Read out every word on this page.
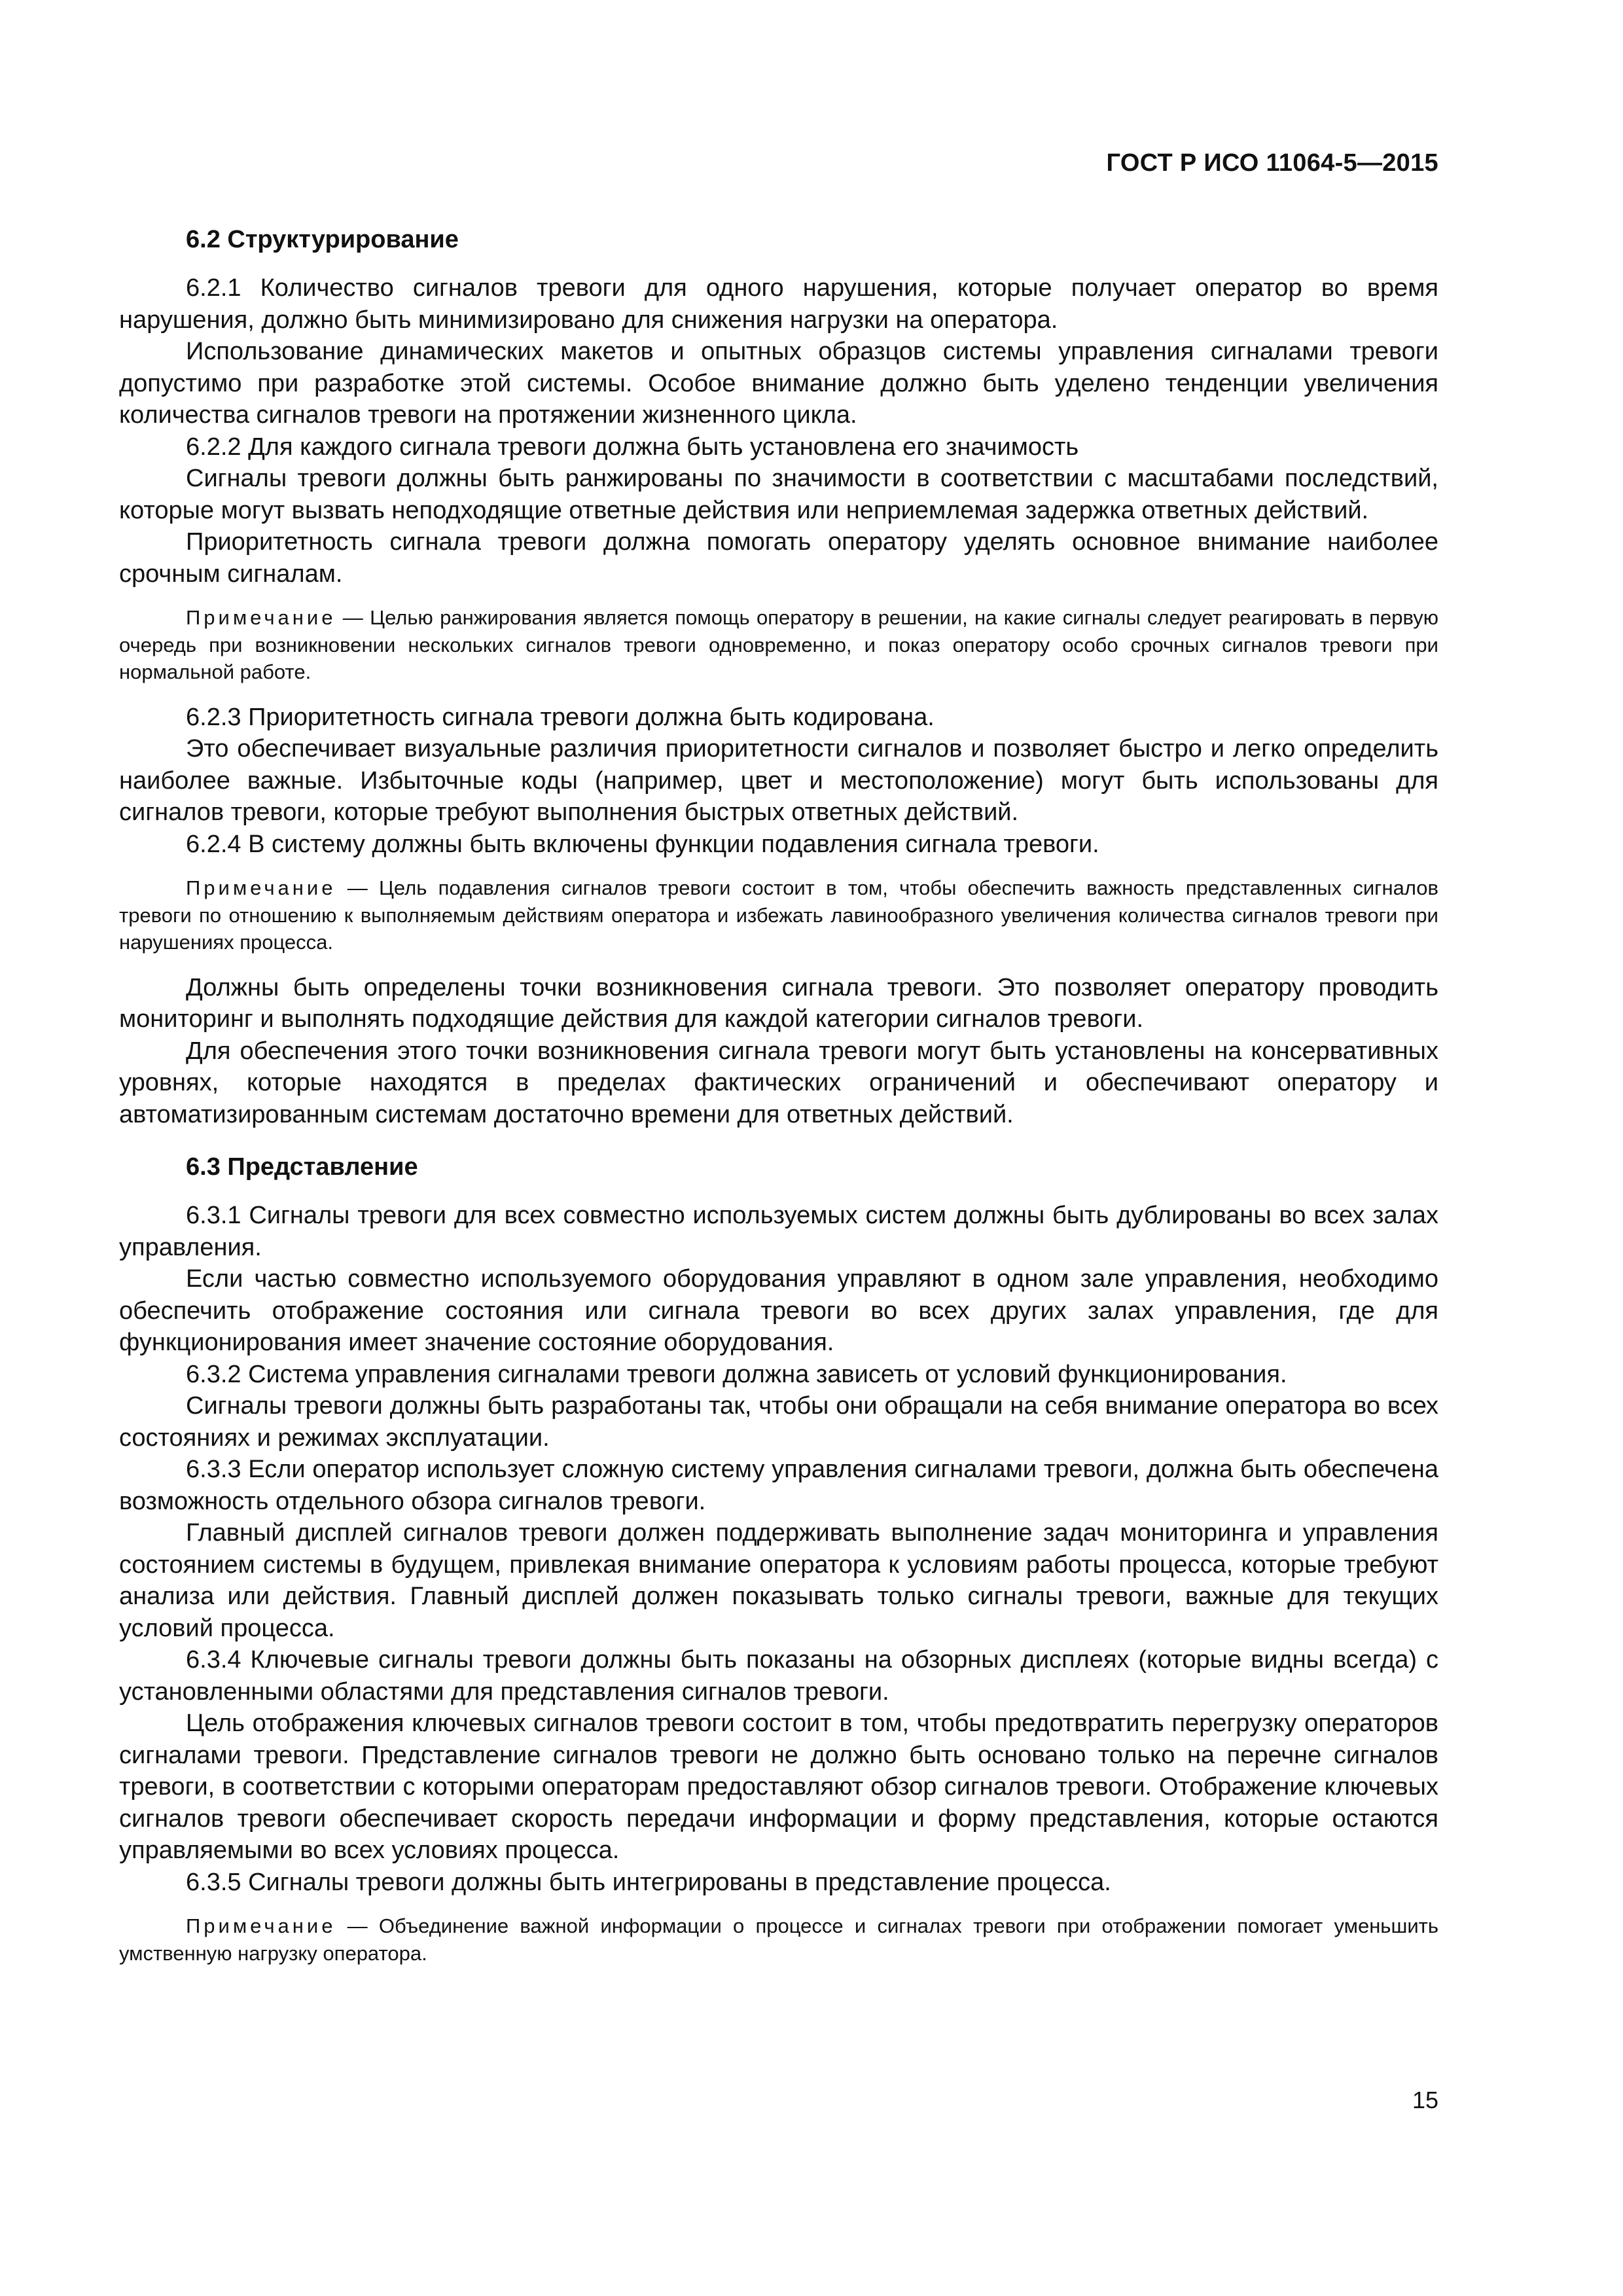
ГОСТ Р ИСО 11064-5—2015
6.2 Структурирование
6.2.1 Количество сигналов тревоги для одного нарушения, которые получает оператор во время нарушения, должно быть минимизировано для снижения нагрузки на оператора.
Использование динамических макетов и опытных образцов системы управления сигналами тревоги допустимо при разработке этой системы. Особое внимание должно быть уделено тенденции увеличения количества сигналов тревоги на протяжении жизненного цикла.
6.2.2 Для каждого сигнала тревоги должна быть установлена его значимость
Сигналы тревоги должны быть ранжированы по значимости в соответствии с масштабами последствий, которые могут вызвать неподходящие ответные действия или неприемлемая задержка ответных действий.
Приоритетность сигнала тревоги должна помогать оператору уделять основное внимание наиболее срочным сигналам.
Примечание — Целью ранжирования является помощь оператору в решении, на какие сигналы следует реагировать в первую очередь при возникновении нескольких сигналов тревоги одновременно, и показ оператору особо срочных сигналов тревоги при нормальной работе.
6.2.3 Приоритетность сигнала тревоги должна быть кодирована.
Это обеспечивает визуальные различия приоритетности сигналов и позволяет быстро и легко определить наиболее важные. Избыточные коды (например, цвет и местоположение) могут быть использованы для сигналов тревоги, которые требуют выполнения быстрых ответных действий.
6.2.4 В систему должны быть включены функции подавления сигнала тревоги.
Примечание — Цель подавления сигналов тревоги состоит в том, чтобы обеспечить важность представленных сигналов тревоги по отношению к выполняемым действиям оператора и избежать лавинообразного увеличения количества сигналов тревоги при нарушениях процесса.
Должны быть определены точки возникновения сигнала тревоги. Это позволяет оператору проводить мониторинг и выполнять подходящие действия для каждой категории сигналов тревоги.
Для обеспечения этого точки возникновения сигнала тревоги могут быть установлены на консервативных уровнях, которые находятся в пределах фактических ограничений и обеспечивают оператору и автоматизированным системам достаточно времени для ответных действий.
6.3 Представление
6.3.1 Сигналы тревоги для всех совместно используемых систем должны быть дублированы во всех залах управления.
Если частью совместно используемого оборудования управляют в одном зале управления, необходимо обеспечить отображение состояния или сигнала тревоги во всех других залах управления, где для функционирования имеет значение состояние оборудования.
6.3.2 Система управления сигналами тревоги должна зависеть от условий функционирования.
Сигналы тревоги должны быть разработаны так, чтобы они обращали на себя внимание оператора во всех состояниях и режимах эксплуатации.
6.3.3 Если оператор использует сложную систему управления сигналами тревоги, должна быть обеспечена возможность отдельного обзора сигналов тревоги.
Главный дисплей сигналов тревоги должен поддерживать выполнение задач мониторинга и управления состоянием системы в будущем, привлекая внимание оператора к условиям работы процесса, которые требуют анализа или действия. Главный дисплей должен показывать только сигналы тревоги, важные для текущих условий процесса.
6.3.4 Ключевые сигналы тревоги должны быть показаны на обзорных дисплеях (которые видны всегда) с установленными областями для представления сигналов тревоги.
Цель отображения ключевых сигналов тревоги состоит в том, чтобы предотвратить перегрузку операторов сигналами тревоги. Представление сигналов тревоги не должно быть основано только на перечне сигналов тревоги, в соответствии с которыми операторам предоставляют обзор сигналов тревоги. Отображение ключевых сигналов тревоги обеспечивает скорость передачи информации и форму представления, которые остаются управляемыми во всех условиях процесса.
6.3.5 Сигналы тревоги должны быть интегрированы в представление процесса.
Примечание — Объединение важной информации о процессе и сигналах тревоги при отображении помогает уменьшить умственную нагрузку оператора.
15
